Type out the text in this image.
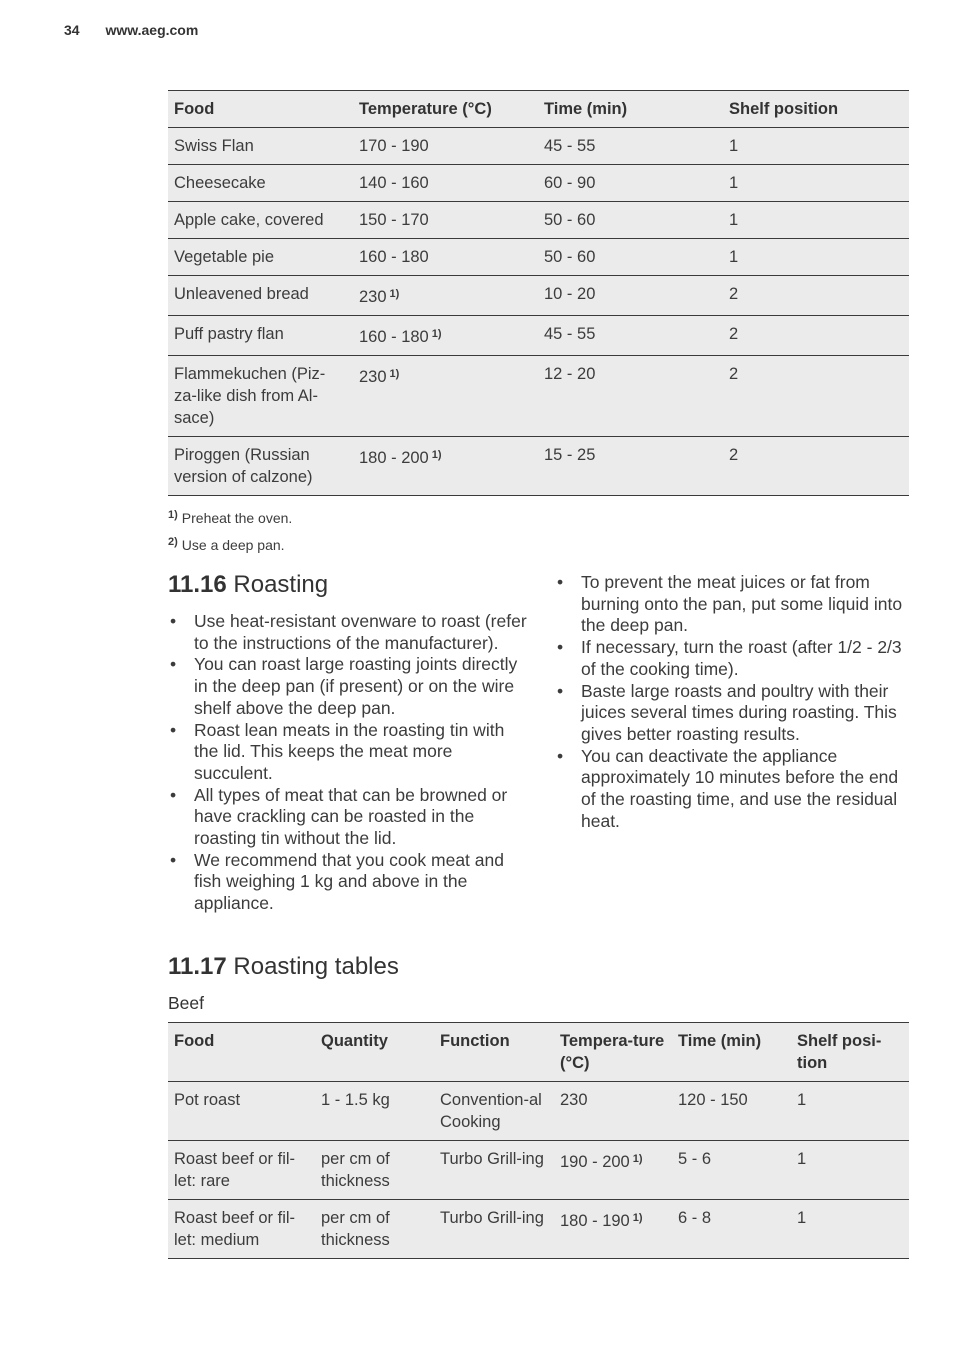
34 www.aeg.com
Food	Temperature (°C)	Time (min)	Shelf position
Swiss Flan	170 - 190	45 - 55	1
Cheesecake	140 - 160	60 - 90	1
Apple cake, covered	150 - 170	50 - 60	1
Vegetable pie	160 - 180	50 - 60	1
Unleavened bread	230 $^{1)}$	10 - 20	2
Puff pastry flan	160 - 180 $^{1)}$	45 - 55	2
Flammekuchen (Piz-za-like dish from Al-sace)	230 $^{1)}$	12 - 20	2
Piroggen (Russian version of calzone)	180 - 200 $^{1)}$	15 - 25	2
$^{1)}$ Preheat the oven.
$^{2)}$ Use a deep pan.
11.16 Roasting
• Use heat-resistant ovenware to roast (refer to the instructions of the manufacturer).
• You can roast large roasting joints directly in the deep pan (if present) or on the wire shelf above the deep pan.
• Roast lean meats in the roasting tin with the lid. This keeps the meat more succulent.
• All types of meat that can be browned or have crackling can be roasted in the roasting tin without the lid.
• We recommend that you cook meat and fish weighing 1 kg and above in the appliance.
• To prevent the meat juices or fat from burning onto the pan, put some liquid into the deep pan.
• If necessary, turn the roast (after 1/2 - 2/3 of the cooking time).
• Baste large roasts and poultry with their juices several times during roasting. This gives better roasting results.
• You can deactivate the appliance approximately 10 minutes before the end of the roasting time, and use the residual heat.
11.17 Roasting tables
Beef
Food	Quantity	Function	Tempera-ture (°C)	Time (min)	Shelf posi-tion
Pot roast	1 - 1.5 kg	Convention-al Cooking	230	120 - 150	1
Roast beef or fil-let: rare	per cm of thickness	Turbo Grill-ing	190 - 200 $^{1)}$	5 - 6	1
Roast beef or fil-let: medium	per cm of thickness	Turbo Grill-ing	180 - 190 $^{1)}$	6 - 8	1
